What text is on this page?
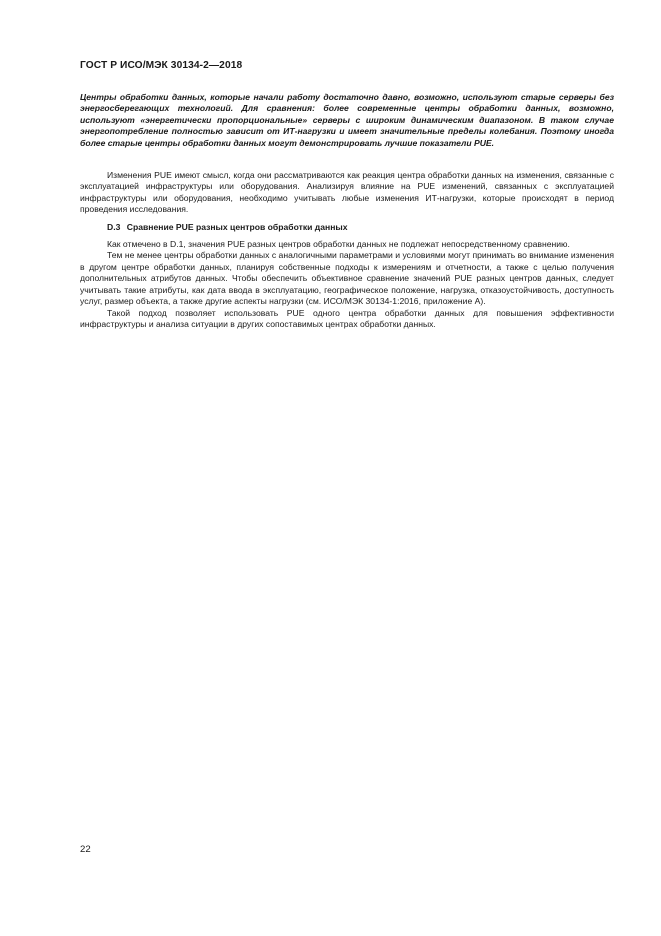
ГОСТ Р ИСО/МЭК 30134-2—2018

Центры обработки данных, которые начали работу достаточно давно, возможно, используют старые серверы без энергосберегающих технологий. Для сравнения: более современные центры обработки данных, возможно, используют «энергетически пропорциональные» серверы с широким динамическим диапазоном. В таком случае энергопотребление полностью зависит от ИТ-нагрузки и имеет значительные пределы колебания. Поэтому иногда более старые центры обработки данных могут демонстрировать лучшие показатели PUE.

Изменения PUE имеют смысл, когда они рассматриваются как реакция центра обработки данных на изменения, связанные с эксплуатацией инфраструктуры или оборудования. Анализируя влияние на PUE изменений, связанных с эксплуатацией инфраструктуры или оборудования, необходимо учитывать любые изменения ИТ-нагрузки, которые происходят в период проведения исследования.

D.3 Сравнение PUE разных центров обработки данных

Как отмечено в D.1, значения PUE разных центров обработки данных не подлежат непосредственному сравнению.

Тем не менее центры обработки данных с аналогичными параметрами и условиями могут принимать во внимание изменения в другом центре обработки данных, планируя собственные подходы к измерениям и отчетности, а также с целью получения дополнительных атрибутов данных. Чтобы обеспечить объективное сравнение значений PUE разных центров данных, следует учитывать такие атрибуты, как дата ввода в эксплуатацию, географическое положение, нагрузка, отказоустойчивость, доступность услуг, размер объекта, а также другие аспекты нагрузки (см. ИСО/МЭК 30134-1:2016, приложение А).

Такой подход позволяет использовать PUE одного центра обработки данных для повышения эффективности инфраструктуры и анализа ситуации в других сопоставимых центрах обработки данных.

22
